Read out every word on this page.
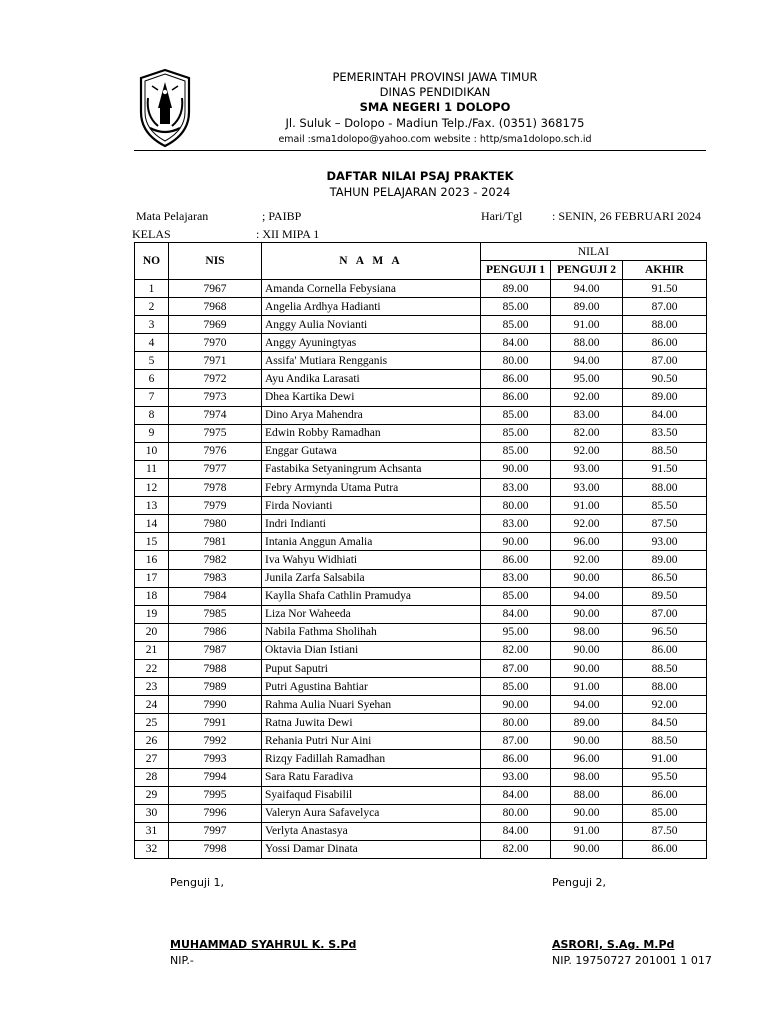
PEMERINTAH PROVINSI JAWA TIMUR
DINAS PENDIDIKAN
SMA NEGERI 1 DOLOPO
Jl. Suluk – Dolopo - Madiun Telp./Fax. (0351) 368175
email :sma1dolopo@yahoo.com website : http/sma1dolopo.sch.id
DAFTAR NILAI PSAJ PRAKTEK
TAHUN PELAJARAN 2023 - 2024
Mata Pelajaran	; PAIBP
KELAS	: XII MIPA 1
Hari/Tgl : SENIN, 26 FEBRUARI 2024
NO	NIS	N A M A	NILAI		
			PENGUJI 1	PENGUJI 2	AKHIR
1	7967	Amanda Cornella Febysiana	89.00	94.00	91.50
2	7968	Angelia Ardhya Hadianti	85.00	89.00	87.00
3	7969	Anggy Aulia Novianti	85.00	91.00	88.00
4	7970	Anggy Ayuningtyas	84.00	88.00	86.00
5	7971	Assifa' Mutiara Rengganis	80.00	94.00	87.00
6	7972	Ayu Andika Larasati	86.00	95.00	90.50
7	7973	Dhea Kartika Dewi	86.00	92.00	89.00
8	7974	Dino Arya Mahendra	85.00	83.00	84.00
9	7975	Edwin Robby Ramadhan	85.00	82.00	83.50
10	7976	Enggar Gutawa	85.00	92.00	88.50
11	7977	Fastabika Setyaningrum Achsanta	90.00	93.00	91.50
12	7978	Febry Armynda Utama Putra	83.00	93.00	88.00
13	7979	Firda Novianti	80.00	91.00	85.50
14	7980	Indri Indianti	83.00	92.00	87.50
15	7981	Intania Anggun Amalia	90.00	96.00	93.00
16	7982	Iva Wahyu Widhiati	86.00	92.00	89.00
17	7983	Junila Zarfa Salsabila	83.00	90.00	86.50
18	7984	Kaylla Shafa Cathlin Pramudya	85.00	94.00	89.50
19	7985	Liza Nor Waheeda	84.00	90.00	87.00
20	7986	Nabila Fathma Sholihah	95.00	98.00	96.50
21	7987	Oktavia Dian Istiani	82.00	90.00	86.00
22	7988	Puput Saputri	87.00	90.00	88.50
23	7989	Putri Agustina Bahtiar	85.00	91.00	88.00
24	7990	Rahma Aulia Nuari Syehan	90.00	94.00	92.00
25	7991	Ratna Juwita Dewi	80.00	89.00	84.50
26	7992	Rehania Putri Nur Aini	87.00	90.00	88.50
27	7993	Rizqy Fadillah Ramadhan	86.00	96.00	91.00
28	7994	Sara Ratu Faradiva	93.00	98.00	95.50
29	7995	Syaifaqud Fisabilil	84.00	88.00	86.00
30	7996	Valeryn Aura Safavelyca	80.00	90.00	85.00
31	7997	Verlyta Anastasya	84.00	91.00	87.50
32	7998	Yossi Damar Dinata	82.00	90.00	86.00
Penguji 1,
MUHAMMAD SYAHRUL K. S.Pd
NIP.-
Penguji 2,
ASRORI, S.Ag. M.Pd
NIP. 19750727 201001 1 017
